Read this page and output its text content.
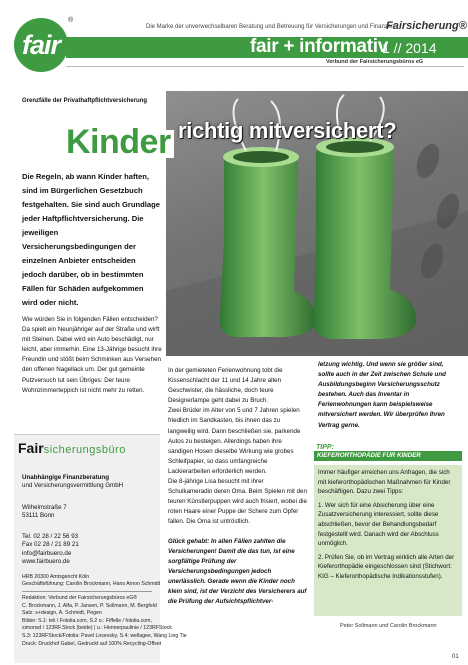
fair
®
Die Marke der unverwechselbaren Beratung und Betreuung für Versicherungen und Finanzen
Fairsicherung®
fair + informativ
1 // 2014
Verbund der Fairsicherungsbüros eG
Grenzfälle der Privathaftpflichtversicherung
Kinder richtig mitversichert?
Die Regeln, ab wann Kinder haften, sind im Bürgerlichen Gesetzbuch festgehalten. Sie sind auch Grundlage jeder Haftpflichtversicherung. Die jeweiligen Versicherungsbedingungen der einzelnen Anbieter entscheiden jedoch darüber, ob in bestimmten Fällen für Schäden aufgekommen wird oder nicht.
Wie würden Sie in folgenden Fällen entscheiden? Da spielt ein Neunjähriger auf der Straße und wirft mit Steinen. Dabei wird ein Auto beschädigt, nur leicht, aber immerhin. Eine 13-Jährige besucht ihre Freundin und stößt beim Schminken aus Versehen den offenen Nagellack um. Der gut gemeinte Putzversuch tut sein Übriges: Der teure Wohnzimmerteppich ist nicht mehr zu retten.
In der gemieteten Ferienwohnung tobt die Kissenschlacht der 11 und 14 Jahre alten Geschwister, die hässliche, doch teure Designerlampe geht dabei zu Bruch.
Zwei Brüder im Alter von 5 und 7 Jahren spielen friedlich im Sandkasten, bis ihnen das zu langweilig wird. Dann beschließen sie, parkende Autos zu besteigen. Allerdings haben ihre sandigen Hosen dieselbe Wirkung wie grobes Schleifpapier, so dass umfangreiche Lackierarbeiten erforderlich werden.
Die 8-jährige Lisa besucht mit ihrer Schulkameradin deren Oma. Beim Spielen mit den teuren Künstlerpuppen wird auch frisiert, wobei die roten Haare einer Puppe der Schere zum Opfer fallen. Die Oma ist untröstlich.
Glück gehabt: In allen Fällen zahlten die Versicherungen! Damit die das tun, ist eine sorgfältige Prüfung der Versicherungsbedingungen jedoch unerlässlich. Gerade wenn die Kinder noch klein sind, ist der Verzicht des Versicherers auf die Prüfung der Aufsichtspflichtver-
letzung wichtig. Und wenn sie größer sind, sollte auch in der Zeit zwischen Schule und Ausbildungsbeginn Versicherungsschutz bestehen. Auch das Inventar in Ferienwohnungen kann beispielsweise mitversichert werden. Wir überprüfen Ihren Vertrag gerne.
TIPP:
KIEFERORTHOPÄDIE FÜR KINDER

Immer häufiger erreichen uns Anfragen, die sich mit kieferorthopädischen Maßnahmen für Kinder beschäftigen. Dazu zwei Tipps:

1. Wer sich für eine Absicherung über eine Zusatzversicherung interessiert, sollte diese abschließen, bevor der Behandlungsbedarf festgestellt wird. Danach wird der Abschluss unmöglich.

2. Prüfen Sie, ob im Vertrag wirklich alle Arten der Kieferorthopädie eingeschlossen sind (Stichwort: KIG – Kieferorthopädische Indikationsstufen).

Peter Sollmann und Carolin Brockmann
01
Fairsicherungsbüro
Unabhängige Finanzberatung
und Versicherungsvermittlung GmbH
Wilhelmstraße 7
53111 Bonn
Tel. 02 28 / 22 56 93
Fax 02 28 / 21 89 21
info@fairbuero.de
www.fairbuero.de
HRB 20300 Amtsgericht Köln
Geschäftsführung: Carolin Brockmann, Hans Arnon Schmidt
Redaktion: Verbund der Fairsicherungsbüros eG®
C. Brockmann, J. Alfa, P. Jansen, P. Sollmann, M. Bergfeld
Satz: s+design, A. Schmidt, Pegen
Bilder: S.1: teli / Fotolia.com, S.2 o.: Fiffelle / fotolia.com,
simonsd / 123RF.Stock (beide) | u.: Hennerpaulinie / 123RFStock
S.3: 123RFStock/Fotolia: Pavel Losevsky, S.4: wellagee, Wang Ling Tie
Druck: Druckhof Gabel, Gedruckt auf 100% Recycling-Offset
